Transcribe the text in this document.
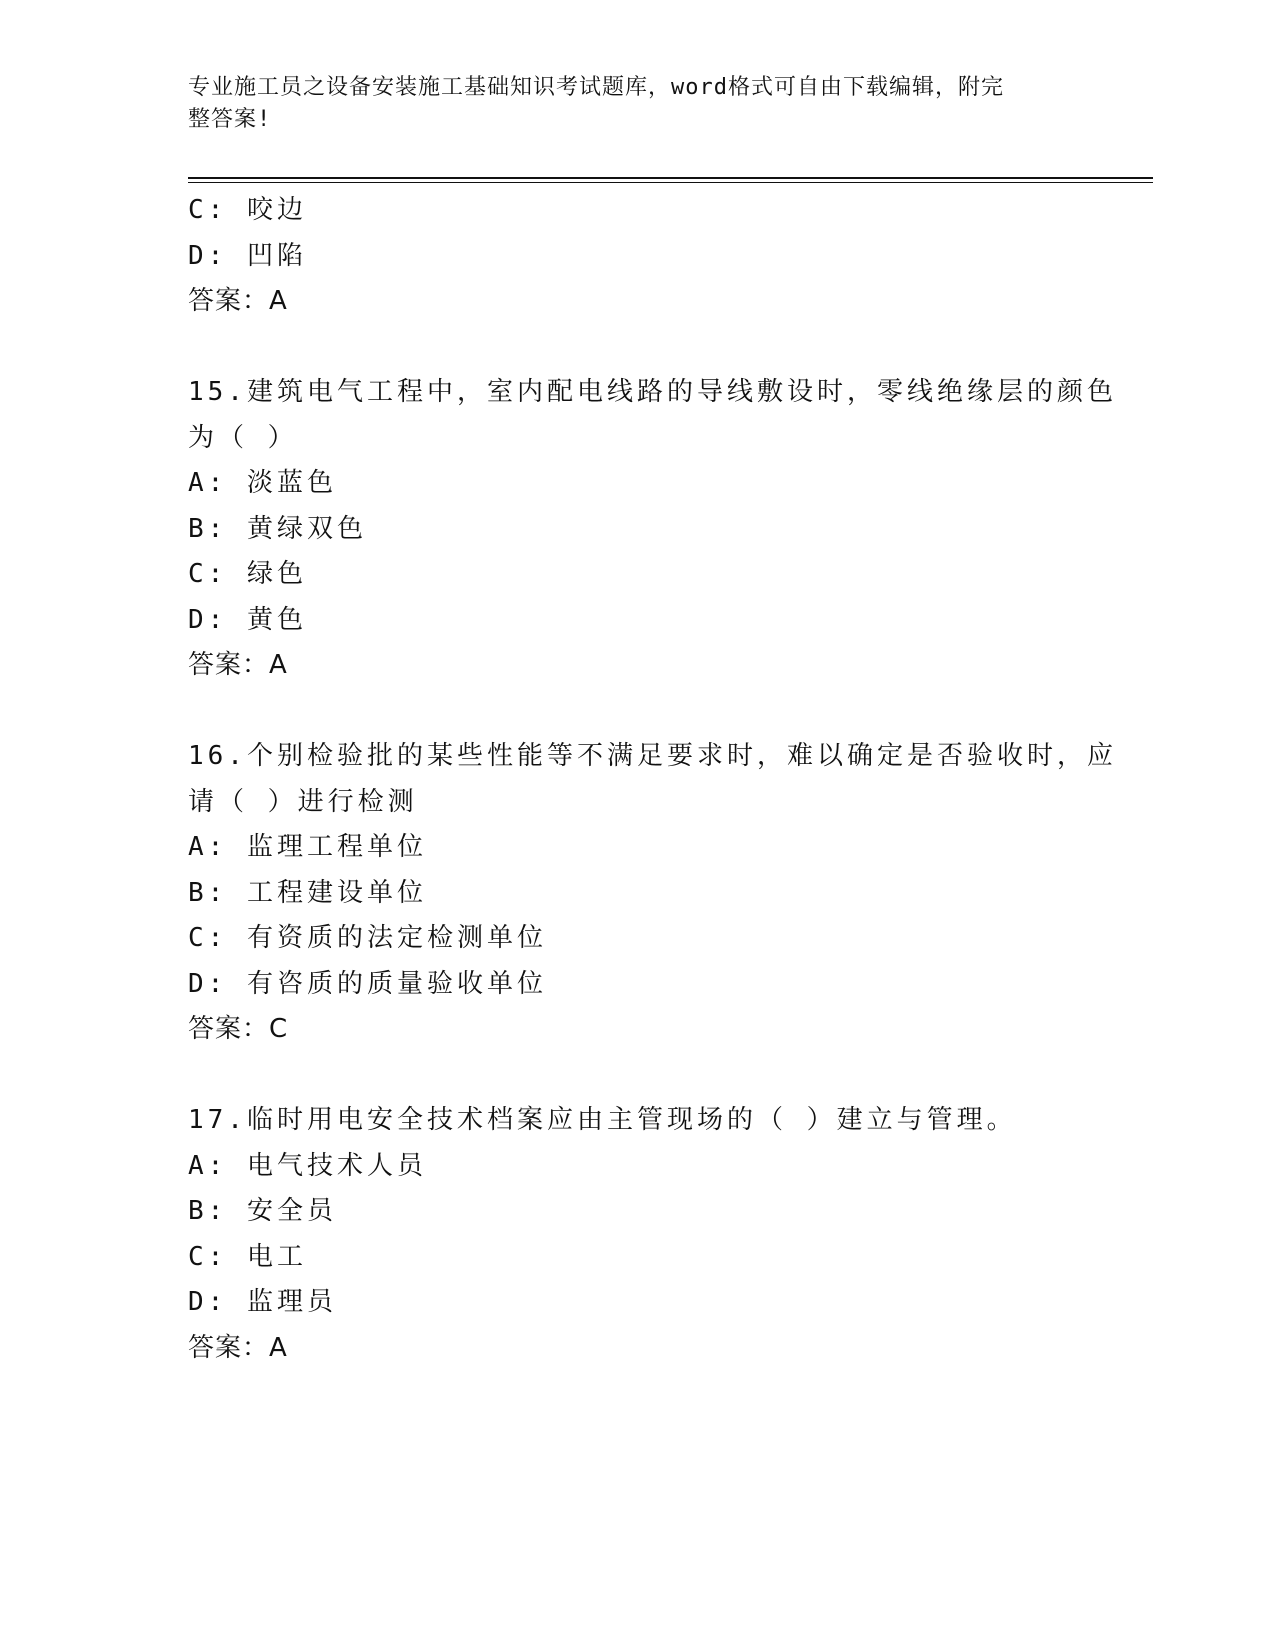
专业施工员之设备安装施工基础知识考试题库，word格式可自由下载编辑，附完
整答案!
C: 咬边
D: 凹陷
答案：A
15.建筑电气工程中，室内配电线路的导线敷设时，零线绝缘层的颜色
为（ ）
A: 淡蓝色
B: 黄绿双色
C: 绿色
D: 黄色
答案：A
16.个别检验批的某些性能等不满足要求时，难以确定是否验收时，应
请（ ）进行检测
A: 监理工程单位
B: 工程建设单位
C: 有资质的法定检测单位
D: 有咨质的质量验收单位
答案：C
17.临时用电安全技术档案应由主管现场的（ ）建立与管理。
A: 电气技术人员
B: 安全员
C: 电工
D: 监理员
答案：A
